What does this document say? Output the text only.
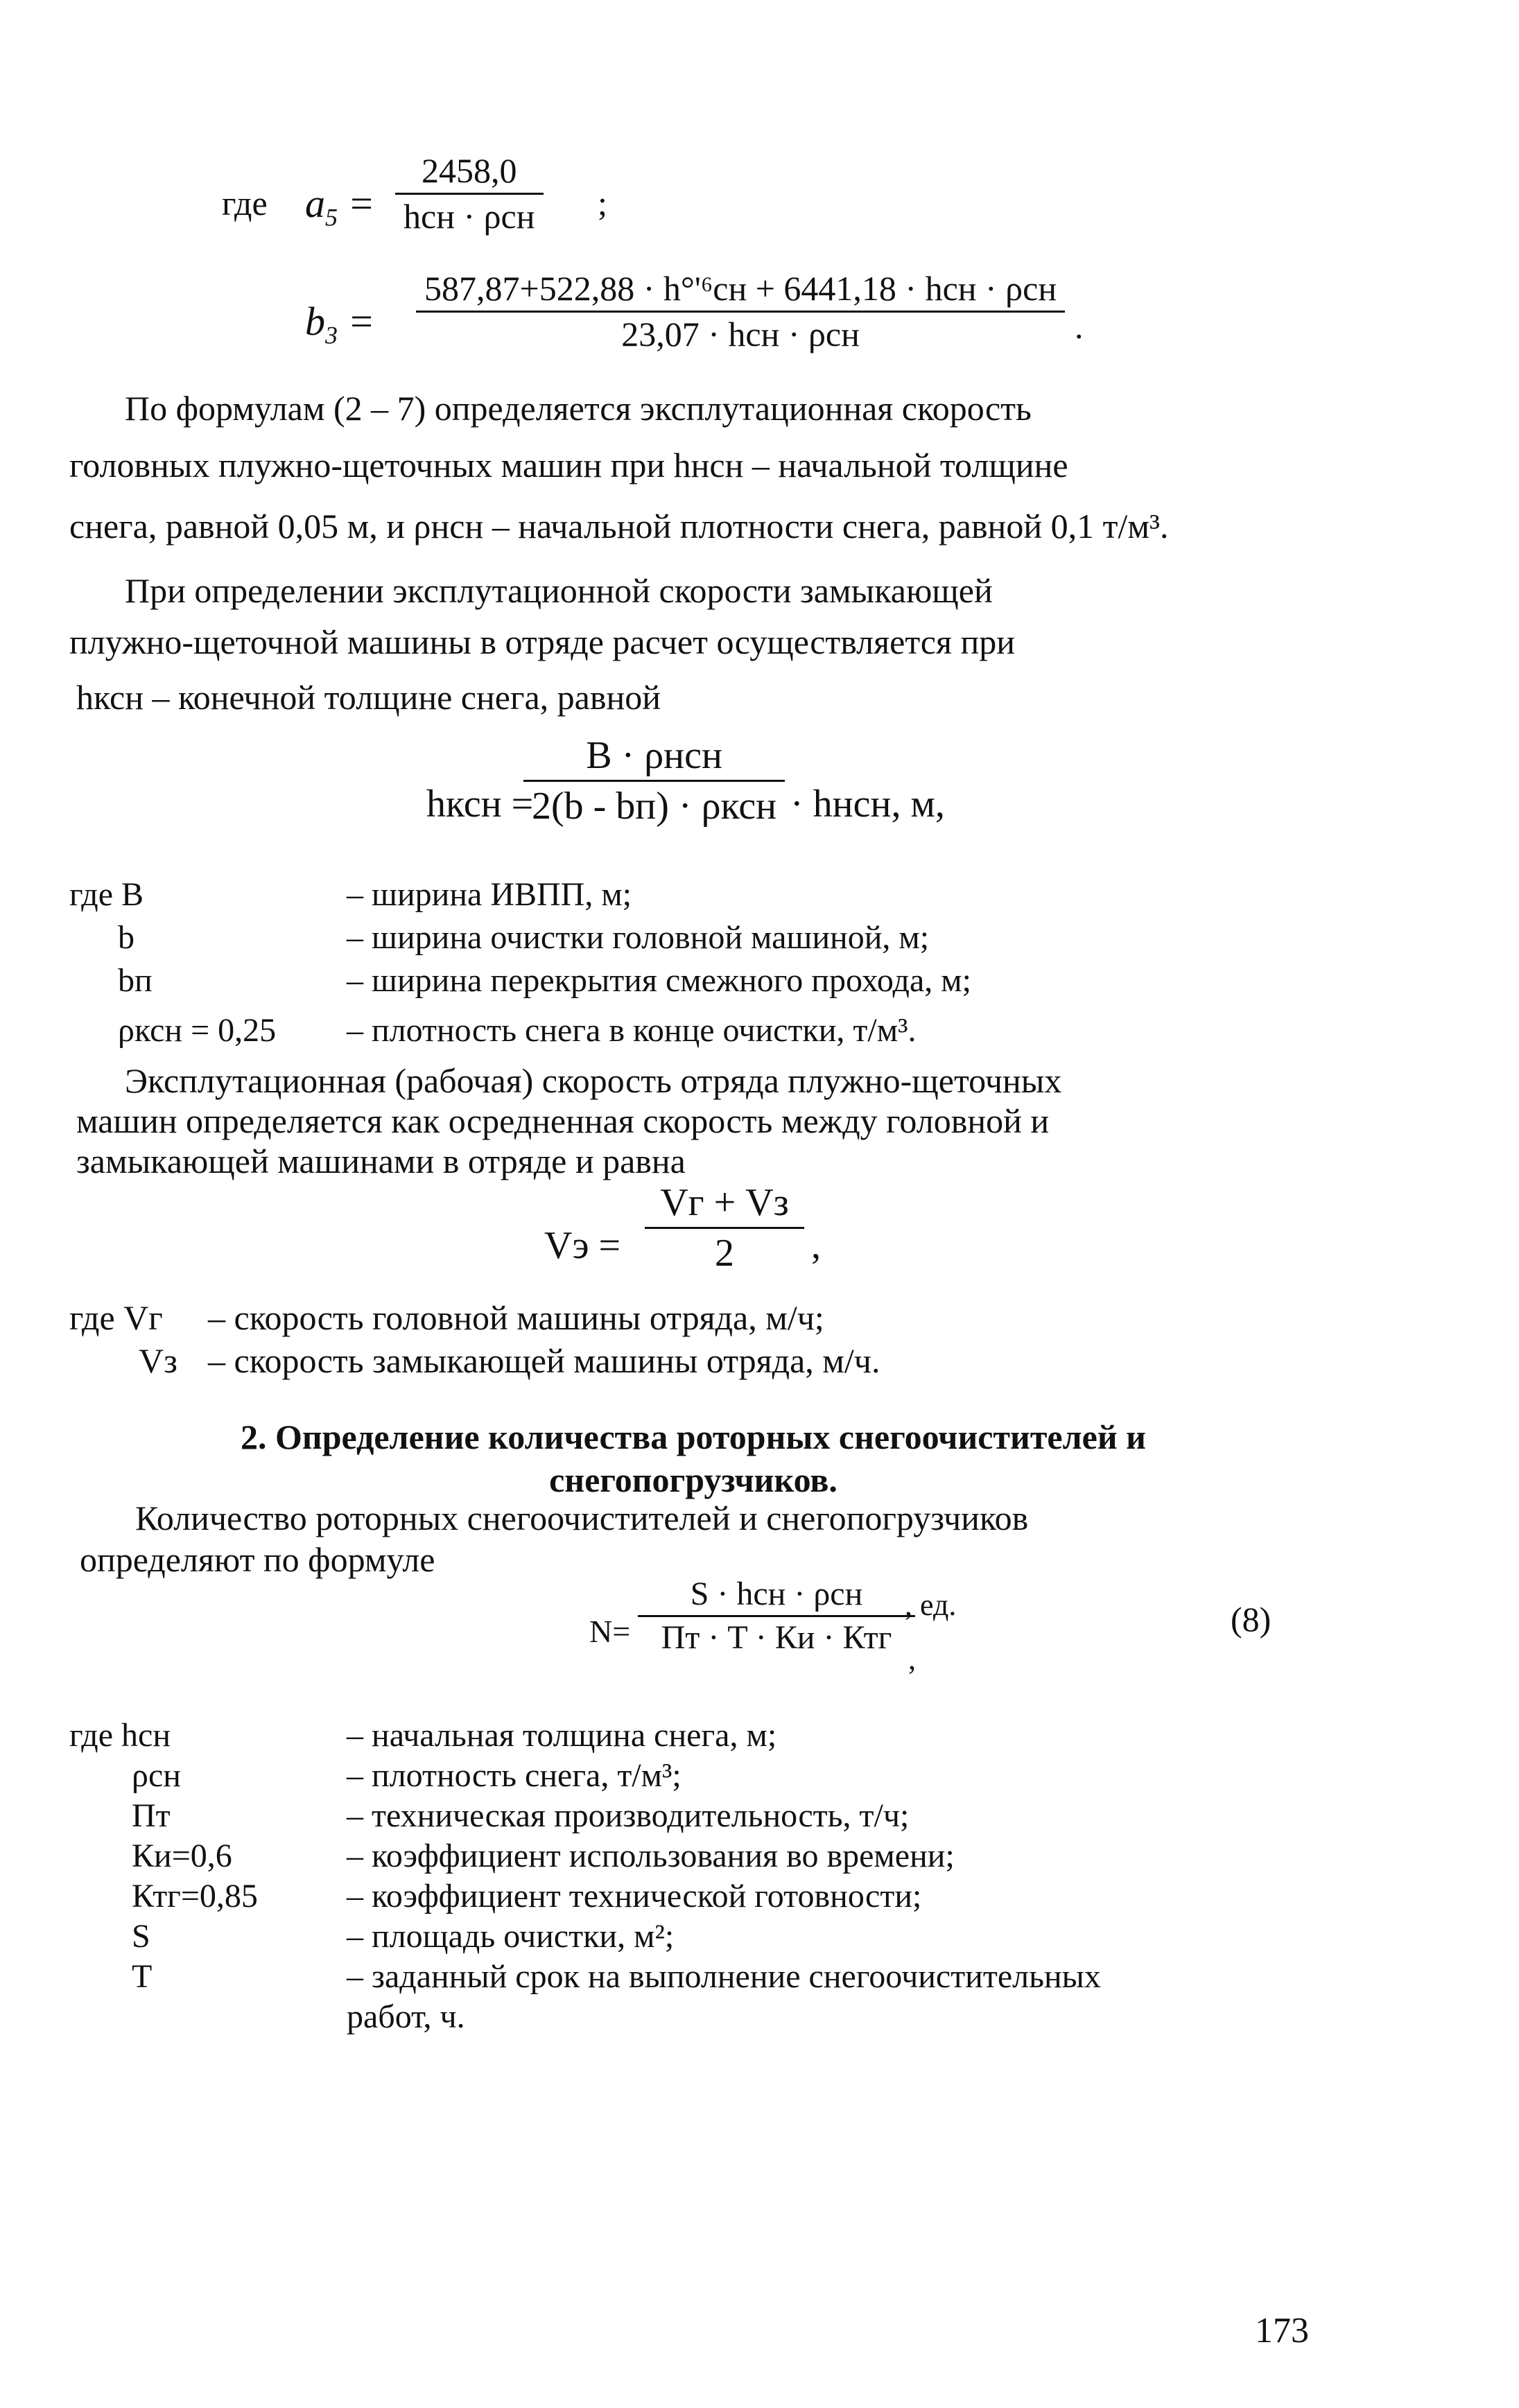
где $a_5$ =
2458,0
hсн · ρсн ;
$b_3$ =
587,87+522,88 · h°'⁶сн + 6441,18 · hсн · ρсн
23,07 · hсн · ρсн	.
По формулам (2 – 7) определяется эксплутационная скорость
головных плужно-щеточных машин при hнсн – начальной толщине
снега, равной 0,05 м, и ρнсн – начальной плотности снега, равной 0,1 т/м³.
При определении эксплутационной скорости замыкающей
плужно-щеточной машины в отряде расчет осуществляется при
hксн – конечной толщине снега, равной
hксн =
B · ρнсн
2(b - bп) · ρксн · hнсн, м,
где B	– ширина ИВПП, м;
b	– ширина очистки головной машиной, м;
bп	– ширина перекрытия смежного прохода, м;
ρксн = 0,25	– плотность снега в конце очистки, т/м³.
Эксплутационная (рабочая) скорость отряда плужно-щеточных
машин определяется как осредненная скорость между головной и
замыкающей машинами в отряде и равна
Vэ =
Vг + Vз
2 ,
где Vг	– скорость головной машины отряда, м/ч;
Vз – скорость замыкающей машины отряда, м/ч.
2. Определение количества роторных снегоочистителей и
снегопогрузчиков.
Количество роторных снегоочистителей и снегопогрузчиков
определяют по формуле
N=
S · hсн · ρсн
Пт · T · Ки · Ктг
, ед.
,
(8)
где hсн	– начальная толщина снега, м;
ρсн	– плотность снега, т/м³;
Пт	– техническая производительность, т/ч;
Ки=0,6	– коэффициент использования во времени;
Ктг=0,85	– коэффициент технической готовности;
S	– площадь очистки, м²;
T	– заданный срок на выполнение снегоочистительных
работ, ч.
173
